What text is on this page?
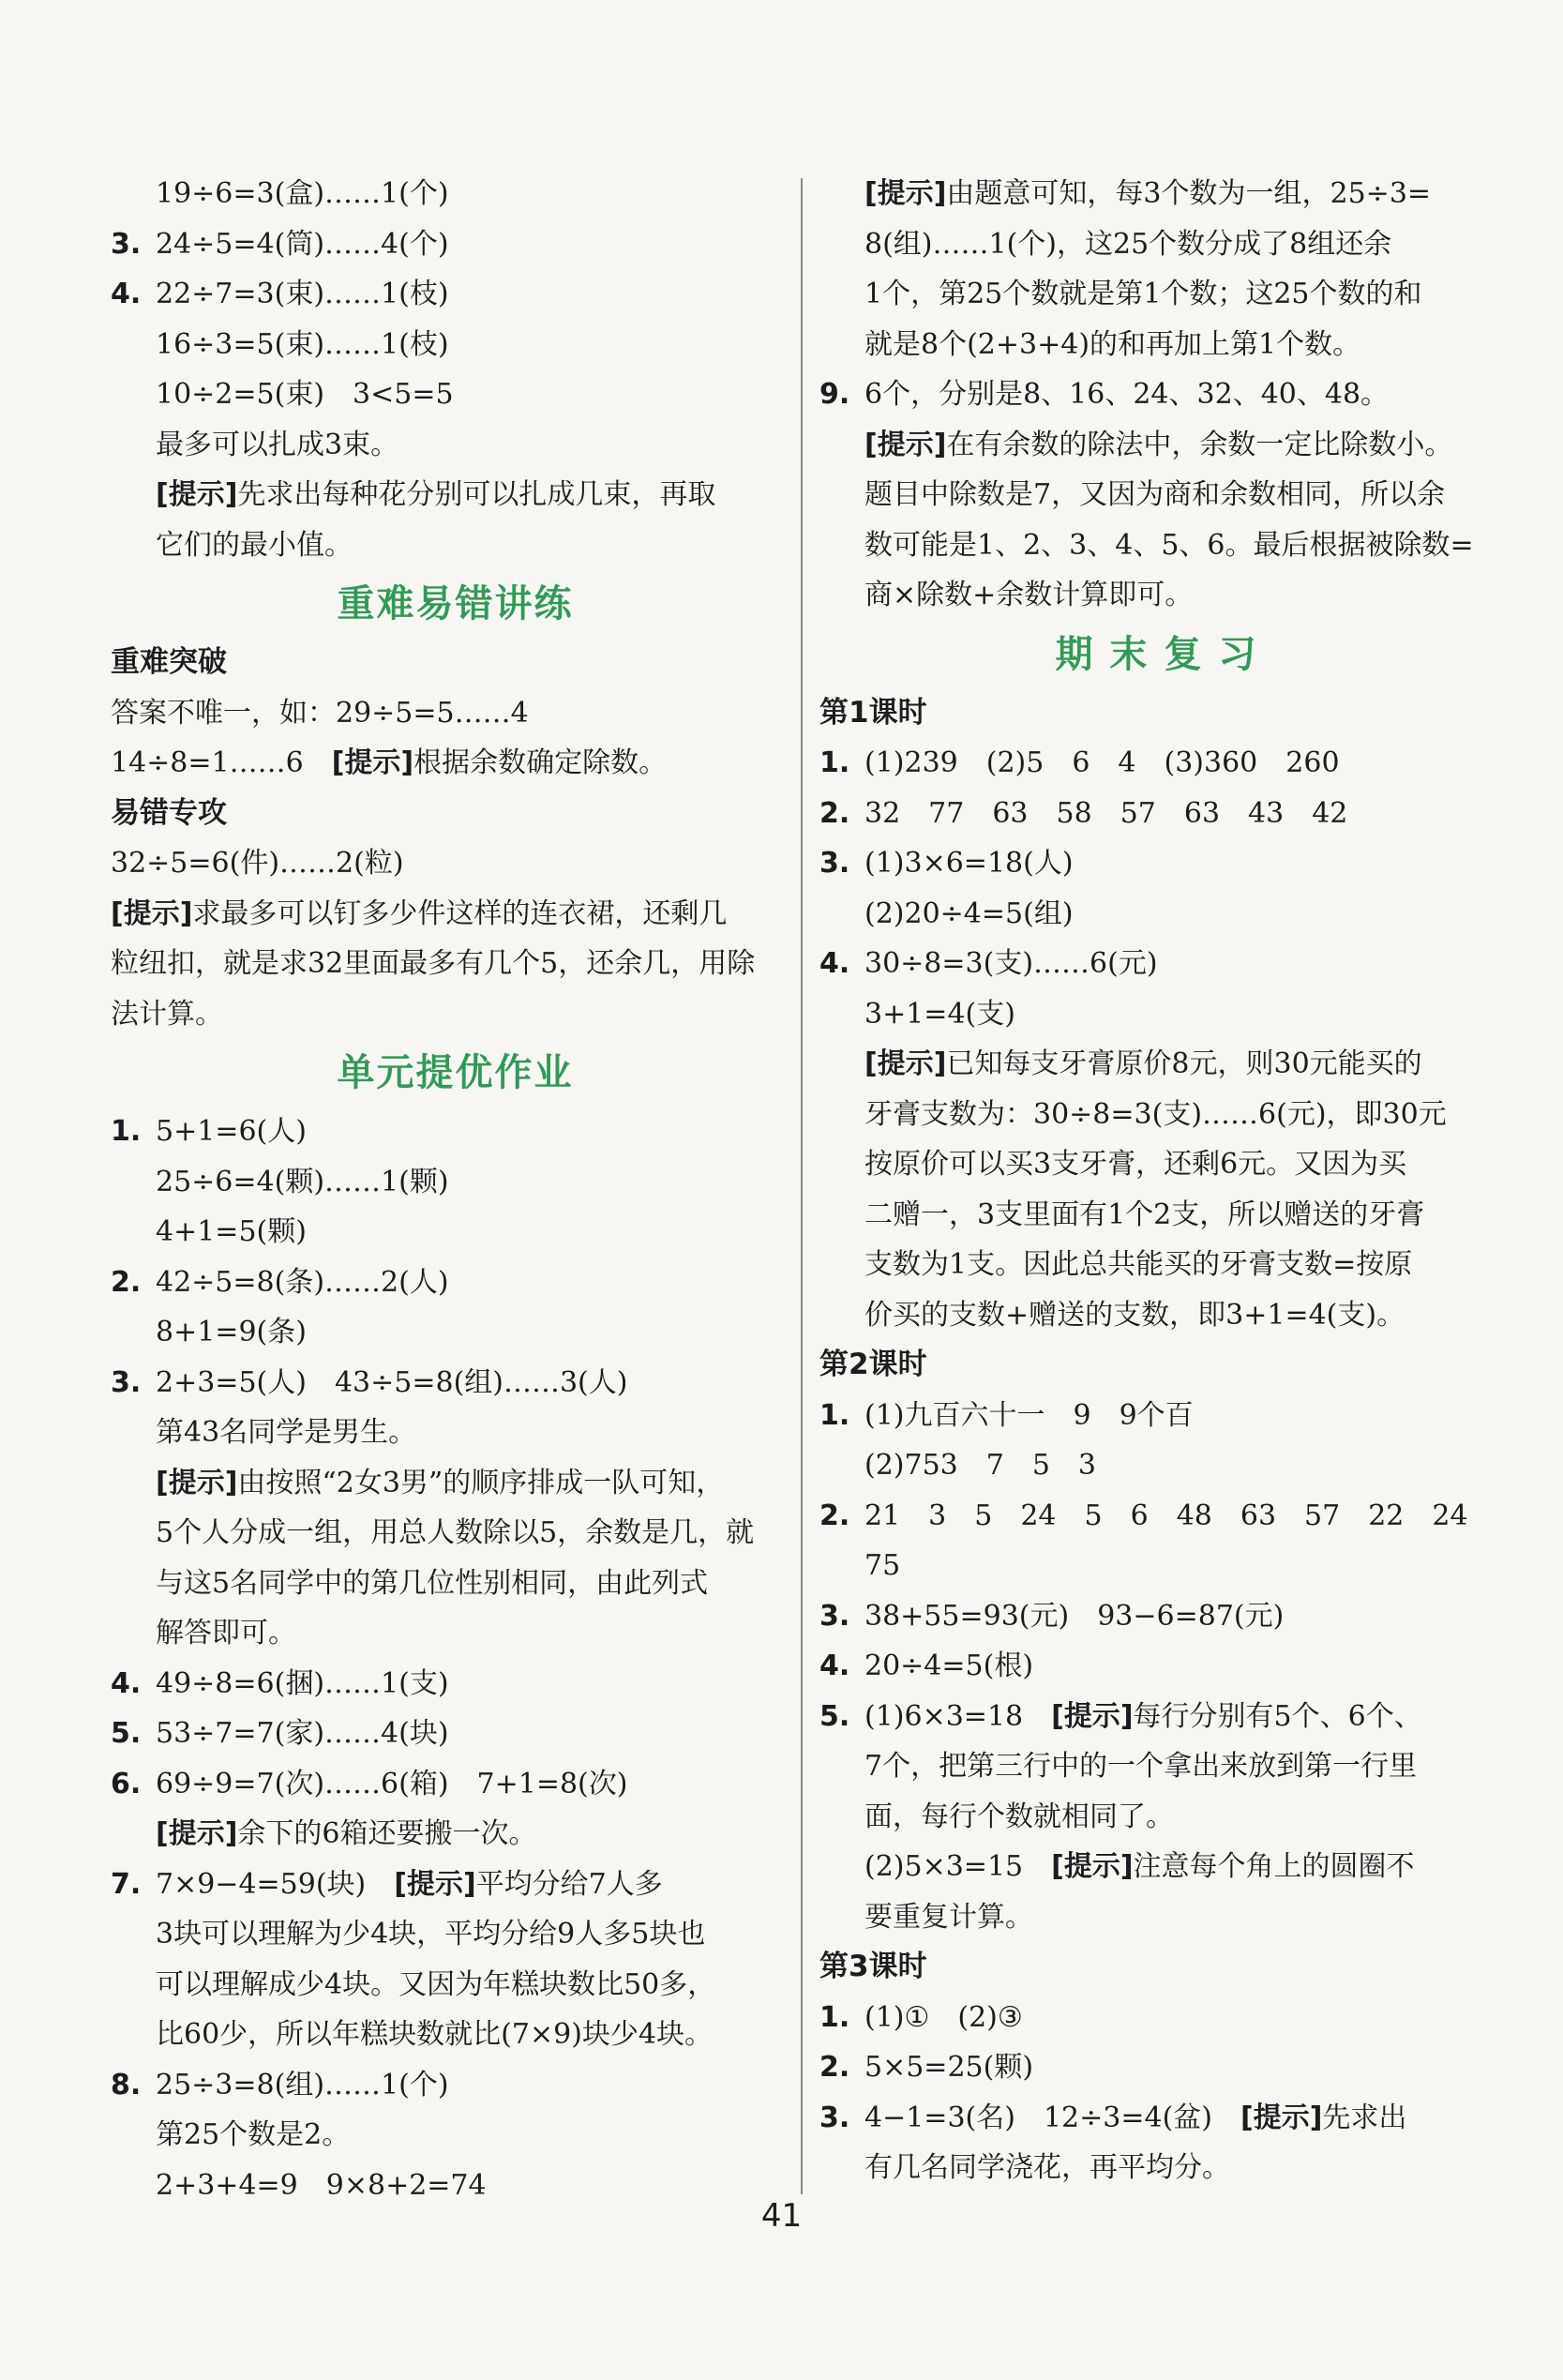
19÷6=3(盒)……1(个)
3. 24÷5=4(筒)……4(个)
4. 22÷7=3(束)……1(枝)
16÷3=5(束)……1(枝)
10÷2=5(束)　3<5=5
最多可以扎成3束。
[提示]先求出每种花分别可以扎成几束，再取
它们的最小值。
重难易错讲练
重难突破
答案不唯一，如：29÷5=5……4
14÷8=1……6　[提示]根据余数确定除数。
易错专攻
32÷5=6(件)……2(粒)
[提示]求最多可以钉多少件这样的连衣裙，还剩几
粒纽扣，就是求32里面最多有几个5，还余几，用除
法计算。
单元提优作业
1. 5+1=6(人)
25÷6=4(颗)……1(颗)
4+1=5(颗)
2. 42÷5=8(条)……2(人)
8+1=9(条)
3. 2+3=5(人)　43÷5=8(组)……3(人)
第43名同学是男生。
[提示]由按照“2女3男”的顺序排成一队可知，
5个人分成一组，用总人数除以5，余数是几，就
与这5名同学中的第几位性别相同，由此列式
解答即可。
4. 49÷8=6(捆)……1(支)
5. 53÷7=7(家)……4(块)
6. 69÷9=7(次)……6(箱)　7+1=8(次)
[提示]余下的6箱还要搬一次。
7. 7×9−4=59(块)　[提示]平均分给7人多
3块可以理解为少4块，平均分给9人多5块也
可以理解成少4块。又因为年糕块数比50多，
比60少，所以年糕块数就比(7×9)块少4块。
8. 25÷3=8(组)……1(个)
第25个数是2。
2+3+4=9　9×8+2=74
[提示]由题意可知，每3个数为一组，25÷3=
8(组)……1(个)，这25个数分成了8组还余
1个，第25个数就是第1个数；这25个数的和
就是8个(2+3+4)的和再加上第1个数。
9. 6个，分别是8、16、24、32、40、48。
[提示]在有余数的除法中，余数一定比除数小。
题目中除数是7，又因为商和余数相同，所以余
数可能是1、2、3、4、5、6。最后根据被除数=
商×除数+余数计算即可。
期末复习
第1课时
1. (1)239　(2)5　6　4　(3)360　260
2. 32　77　63　58　57　63　43　42
3. (1)3×6=18(人)
(2)20÷4=5(组)
4. 30÷8=3(支)……6(元)
3+1=4(支)
[提示]已知每支牙膏原价8元，则30元能买的
牙膏支数为：30÷8=3(支)……6(元)，即30元
按原价可以买3支牙膏，还剩6元。又因为买
二赠一，3支里面有1个2支，所以赠送的牙膏
支数为1支。因此总共能买的牙膏支数=按原
价买的支数+赠送的支数，即3+1=4(支)。
第2课时
1. (1)九百六十一　9　9个百
(2)753　7　5　3
2. 21　3　5　24　5　6　48　63　57　22　24
75
3. 38+55=93(元)　93−6=87(元)
4. 20÷4=5(根)
5. (1)6×3=18　[提示]每行分别有5个、6个、
7个，把第三行中的一个拿出来放到第一行里
面，每行个数就相同了。
(2)5×3=15　[提示]注意每个角上的圆圈不
要重复计算。
第3课时
1. (1)①　(2)③
2. 5×5=25(颗)
3. 4−1=3(名)　12÷3=4(盆)　[提示]先求出
有几名同学浇花，再平均分。
41
